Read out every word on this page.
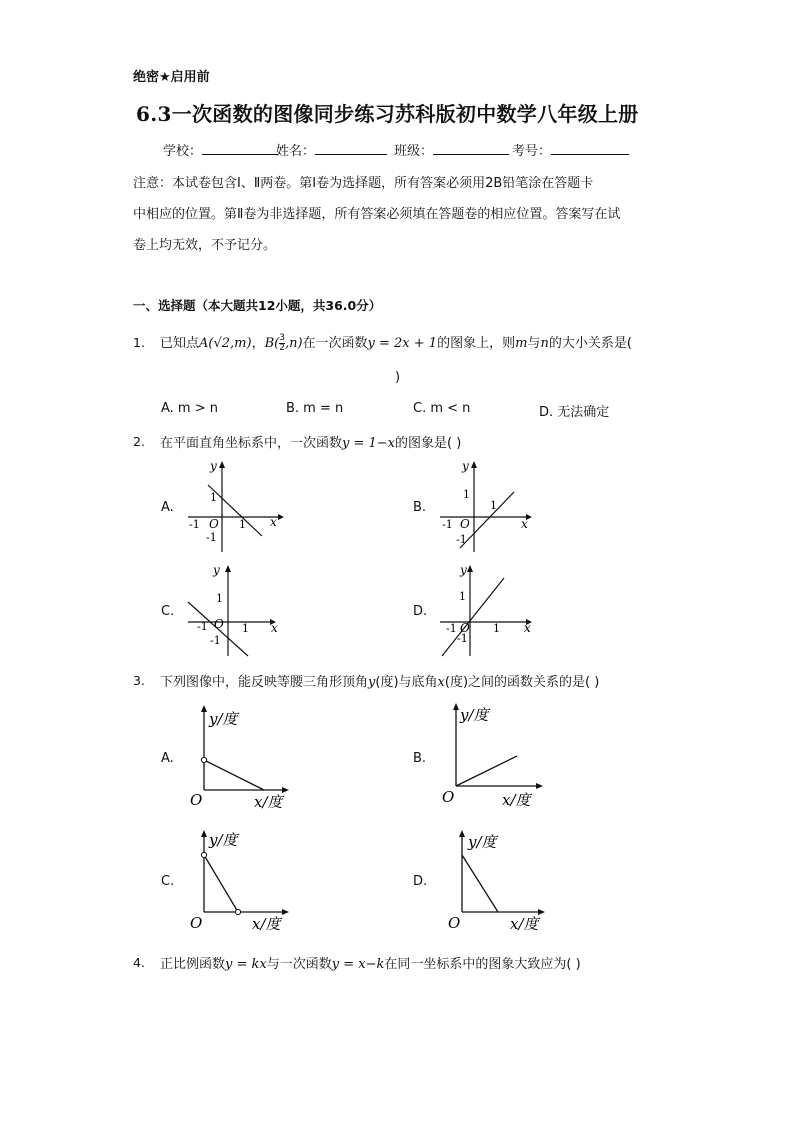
绝密★启用前
6.3一次函数的图像同步练习苏科版初中数学八年级上册
学校：	姓名：	班级：	考号：
注意：本试卷包含Ⅰ、Ⅱ两卷。第Ⅰ卷为选择题，所有答案必须用2B铅笔涂在答题卡
中相应的位置。第Ⅱ卷为非选择题，所有答案必须填在答题卷的相应位置。答案写在试
卷上均无效，不予记分。
一、选择题（本大题共12小题，共36.0分）
1. 已知点A(√2,m)，$B( \frac{3}{2} ,n)$在一次函数y = 2x + 1的图象上，则m与n的大小关系是(
)
A. m > n	B. m = n	C. m < n	D. 无法确定
2. 在平面直角坐标系中，一次函数y = 1−x的图象是( )
A.	B.
C.	D.
y
x
O
1
1
-1
-1
y
x
O
1
1
-1
-1
y
x
O
1
1
-1
-1
y
x
O
1
1
-1
-1
3. 下列图像中，能反映等腰三角形顶角y(度)与底角x(度)之间的函数关系的是( )
A.	B.
C.	D.
y/度
O	x/度
y/度
O	x/度
y/度
O	x/度
y/度
O	x/度
4. 正比例函数y = kx与一次函数y = x−k在同一坐标系中的图象大致应为( )
